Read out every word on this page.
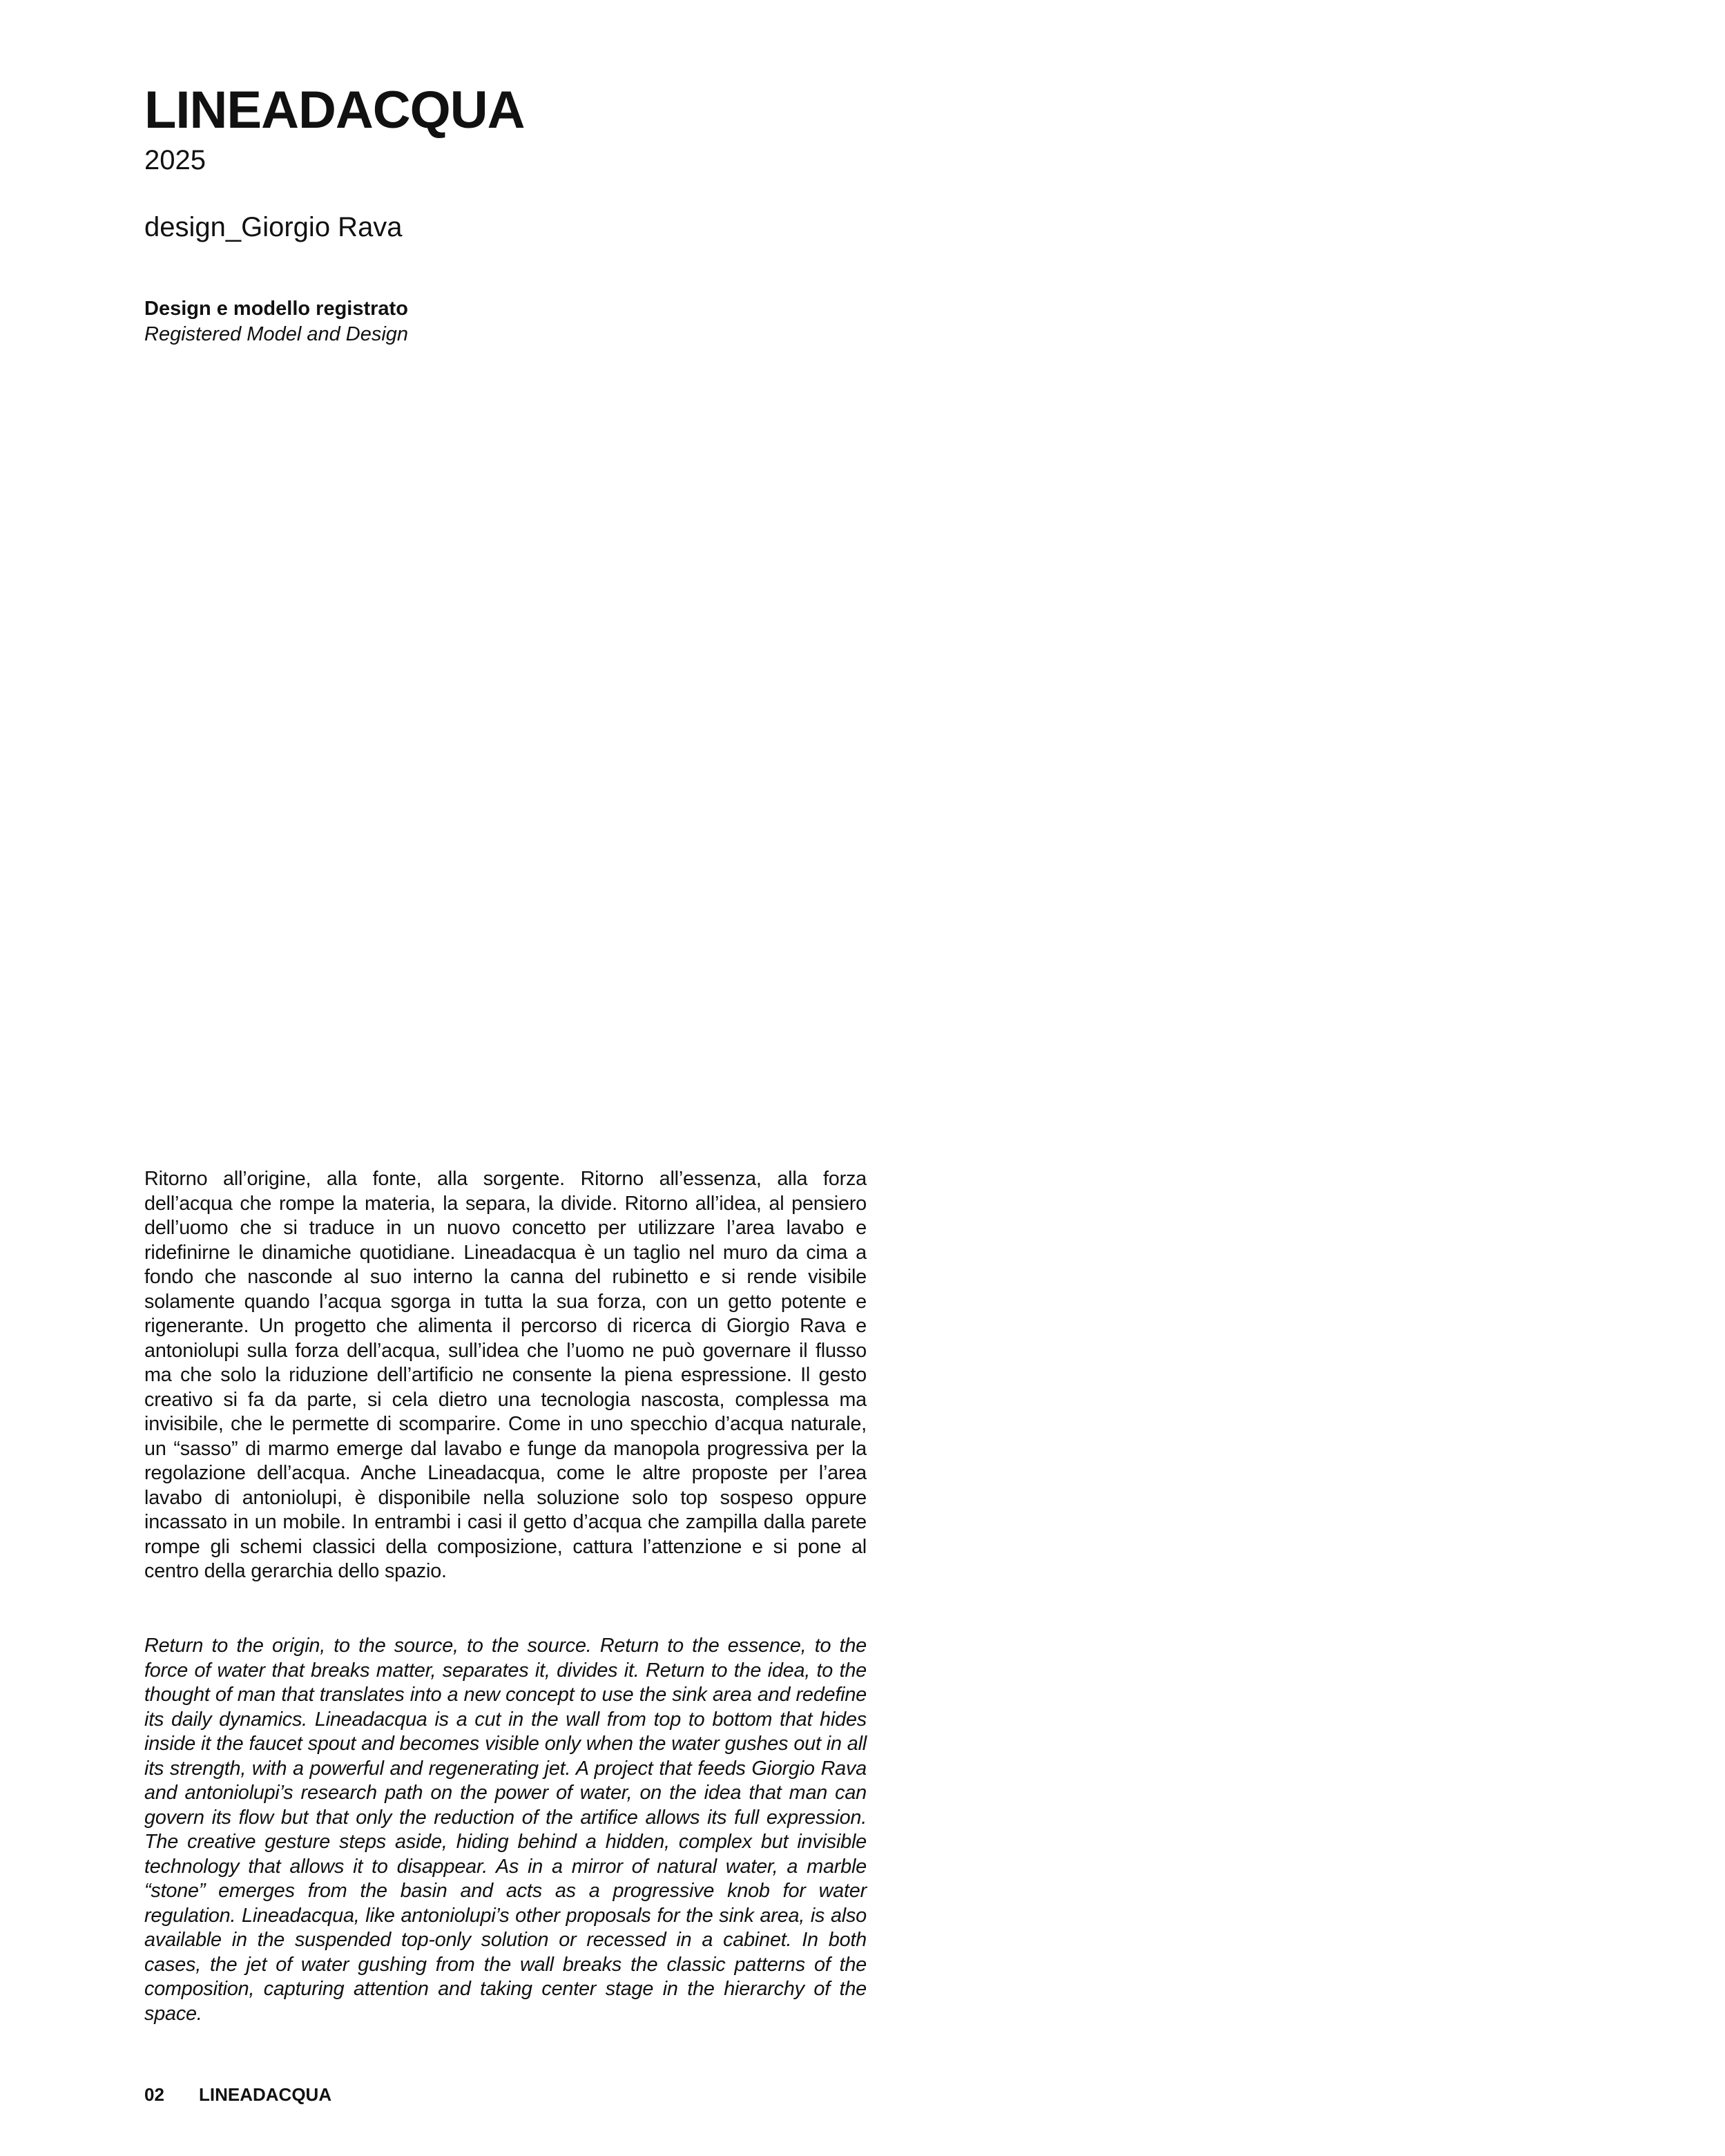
LINEADACQUA
2025
design_Giorgio Rava
Design e modello registrato
Registered Model and Design

Ritorno all’origine, alla fonte, alla sorgente. Ritorno all’essenza, alla forza dell’acqua che rompe la materia, la separa, la divide. Ritorno all’idea, al pensiero dell’uomo che si traduce in un nuovo concetto per utilizzare l’area lavabo e ridefinirne le dinamiche quotidiane. Lineadacqua è un taglio nel muro da cima a fondo che nasconde al suo interno la canna del rubinetto e si rende visibile solamente quando l’acqua sgorga in tutta la sua forza, con un getto potente e rigenerante. Un progetto che alimenta il percorso di ricerca di Giorgio Rava e antoniolupi sulla forza dell’acqua, sull’idea che l’uomo ne può governare il flusso ma che solo la riduzione dell’artificio ne consente la piena espressione. Il gesto creativo si fa da parte, si cela dietro una tecnologia nascosta, complessa ma invisibile, che le permette di scomparire. Come in uno specchio d’acqua naturale, un “sasso” di marmo emerge dal lavabo e funge da manopola progressiva per la regolazione dell’acqua. Anche Lineadacqua, come le altre proposte per l’area lavabo di antoniolupi, è disponibile nella soluzione solo top sospeso oppure incassato in un mobile. In entrambi i casi il getto d’acqua che zampilla dalla parete rompe gli schemi classici della composizione, cattura l’attenzione e si pone al centro della gerarchia dello spazio.

Return to the origin, to the source, to the source. Return to the essence, to the force of water that breaks matter, separates it, divides it. Return to the idea, to the thought of man that translates into a new concept to use the sink area and redefine its daily dynamics. Lineadacqua is a cut in the wall from top to bottom that hides inside it the faucet spout and becomes visible only when the water gushes out in all its strength, with a powerful and regenerating jet. A project that feeds Giorgio Rava and antoniolupi’s research path on the power of water, on the idea that man can govern its flow but that only the reduction of the artifice allows its full expression. The creative gesture steps aside, hiding behind a hidden, complex but invisible technology that allows it to disappear. As in a mirror of natural water, a marble “stone” emerges from the basin and acts as a progressive knob for water regulation. Lineadacqua, like antoniolupi’s other proposals for the sink area, is also available in the suspended top-only solution or recessed in a cabinet. In both cases, the jet of water gushing from the wall breaks the classic patterns of the composition, capturing attention and taking center stage in the hierarchy of the space.

02 LINEADACQUA
